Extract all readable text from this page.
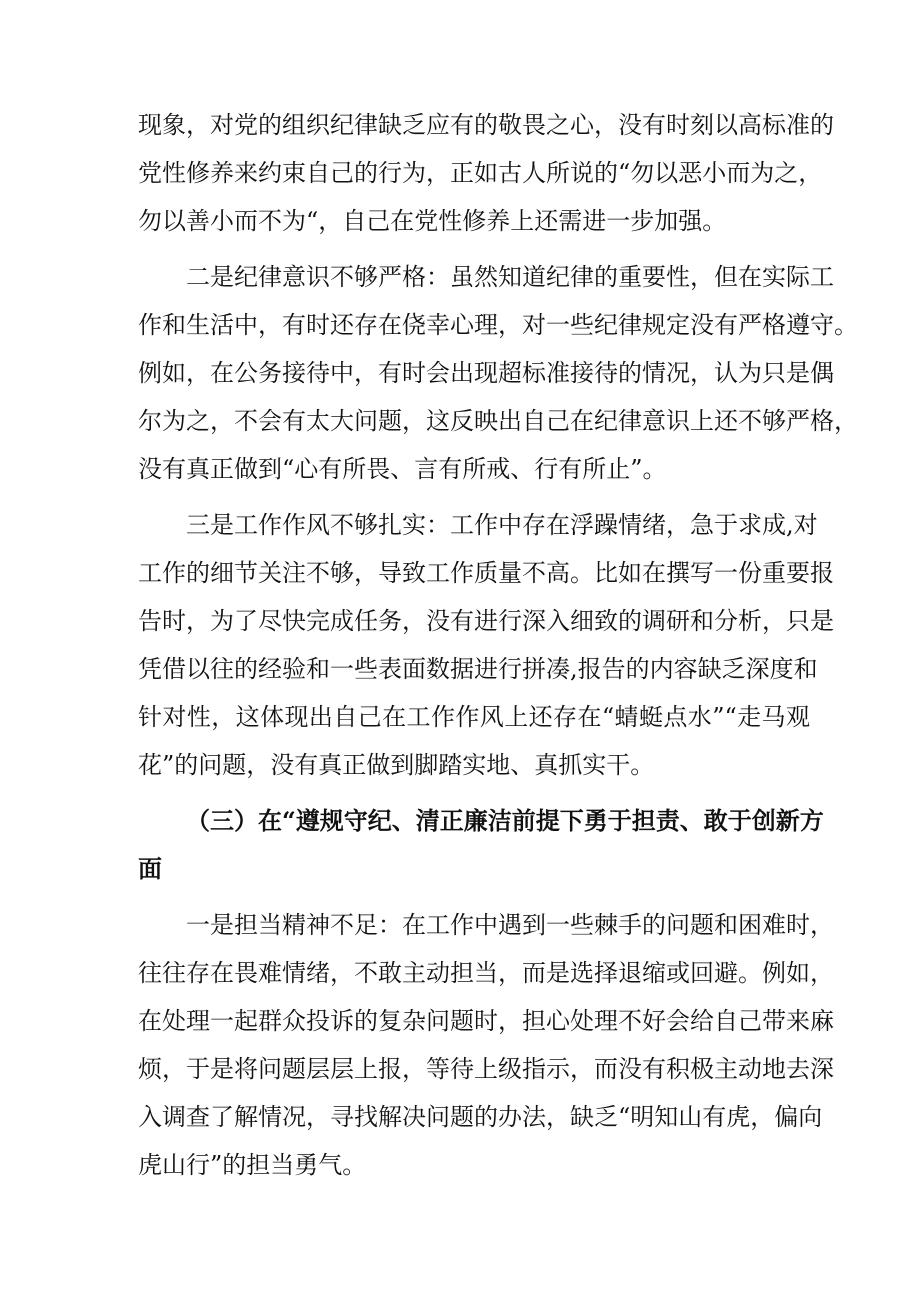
现象，对党的组织纪律缺乏应有的敬畏之心，没有时刻以高标准的
党性修养来约束自己的行为，正如古人所说的“勿以恶小而为之，
勿以善小而不为“，自己在党性修养上还需进一步加强。
二是纪律意识不够严格：虽然知道纪律的重要性，但在实际工
作和生活中，有时还存在侥幸心理，对一些纪律规定没有严格遵守。
例如，在公务接待中，有时会出现超标准接待的情况，认为只是偶
尔为之，不会有太大问题，这反映出自己在纪律意识上还不够严格，
没有真正做到“心有所畏、言有所戒、行有所止”。
三是工作作风不够扎实：工作中存在浮躁情绪，急于求成,对
工作的细节关注不够，导致工作质量不高。比如在撰写一份重要报
告时，为了尽快完成任务，没有进行深入细致的调研和分析，只是
凭借以往的经验和一些表面数据进行拼凑,报告的内容缺乏深度和
针对性，这体现出自己在工作作风上还存在“蜻蜓点水”“走马观
花”的问题，没有真正做到脚踏实地、真抓实干。
（三）在“遵规守纪、清正廉洁前提下勇于担责、敢于创新方
面
一是担当精神不足：在工作中遇到一些棘手的问题和困难时，
往往存在畏难情绪，不敢主动担当，而是选择退缩或回避。例如，
在处理一起群众投诉的复杂问题时，担心处理不好会给自己带来麻
烦，于是将问题层层上报，等待上级指示，而没有积极主动地去深
入调查了解情况，寻找解决问题的办法，缺乏“明知山有虎，偏向
虎山行”的担当勇气。
